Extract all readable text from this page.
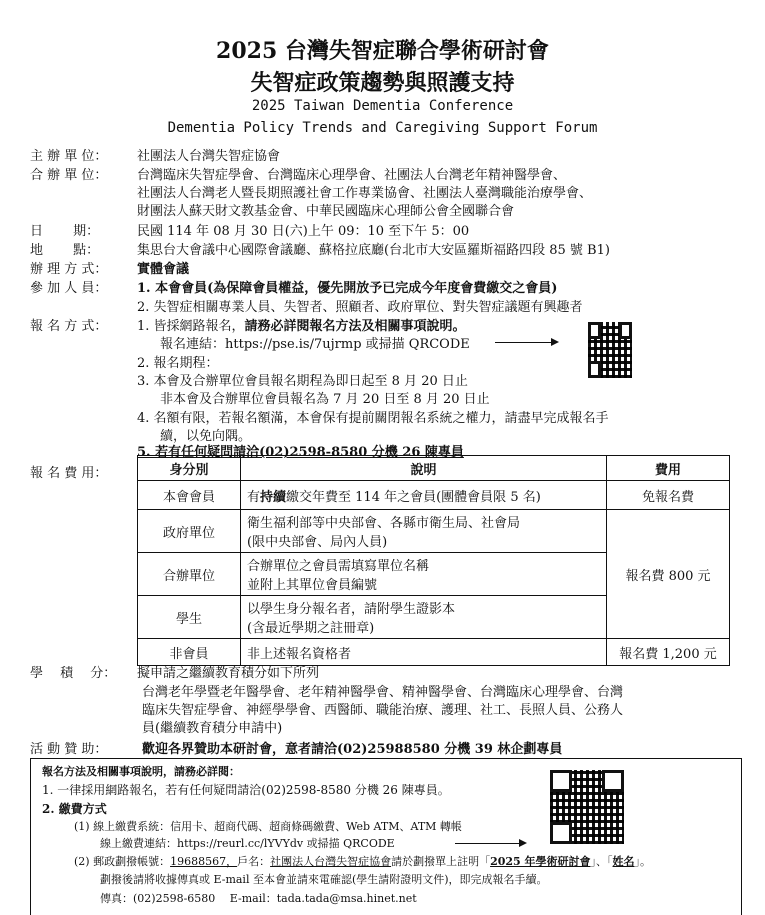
2025 台灣失智症聯合學術研討會
失智症政策趨勢與照護支持
2025 Taiwan Dementia Conference
Dementia Policy Trends and Caregiving Support Forum
主 辦 單 位： 社團法人台灣失智症協會
合 辦 單 位： 台灣臨床失智症學會、台灣臨床心理學會、社團法人台灣老年精神醫學會、
社團法人台灣老人暨長期照護社會工作專業協會、社團法人臺灣職能治療學會、
財團法人蘇天財文教基金會、中華民國臨床心理師公會全國聯合會
日　　 期：	民國 114 年 08 月 30 日(六)上午 09：10 至下午 5：00
地　　 點：	集思台大會議中心國際會議廳、蘇格拉底廳(台北市大安區羅斯福路四段 85 號 B1)
辦 理 方 式： 實體會議
參 加 人 員： 1. 本會會員(為保障會員權益，優先開放予已完成今年度會費繳交之會員)
2. 失智症相關專業人員、失智者、照顧者、政府單位、對失智症議題有興趣者
報 名 方 式： 1. 皆採網路報名，請務必詳閱報名方法及相關事項說明。
報名連結：https://pse.is/7ujrmp 或掃描 QRCODE
2. 報名期程：
3. 本會及合辦單位會員報名期程為即日起至 8 月 20 日止
非本會及合辦單位會員報名為 7 月 20 日至 8 月 20 日止
4. 名額有限，若報名額滿，本會保有提前關閉報名系統之權力，請盡早完成報名手
續，以免向隅。
5. 若有任何疑問請洽(02)2598-8580 分機 26 陳專員
報 名 費 用：	身分別	說明	費用
本會會員	有持續繳交年費至 114 年之會員(團體會員限 5 名)	免報名費
政府單位	衛生福利部等中央部會、各縣市衛生局、社會局
(限中央部會、局內人員)	報名費 800 元
合辦單位	合辦單位之會員需填寫單位名稱
並附上其單位會員編號	

學生	以學生身分報名者，請附學生證影本
(含最近學期之註冊章)	

非會員	非上述報名資格者	報名費 1,200 元
學　 積　 分： 擬申請之繼續教育積分如下所列
台灣老年學暨老年醫學會、老年精神醫學會、精神醫學會、台灣臨床心理學會、台灣
臨床失智症學會、神經學學會、西醫師、職能治療、護理、社工、長照人員、公務人
員(繼續教育積分申請中)
活 動 贊 助：	歡迎各界贊助本研討會，意者請洽(02)25988580 分機 39 林企劃專員
報名方法及相關事項說明，請務必詳閱：
1. 一律採用網路報名，若有任何疑問請洽(02)2598-8580 分機 26 陳專員。
2. 繳費方式
(1) 線上繳費系統：信用卡、超商代碼、超商條碼繳費、Web ATM、ATM 轉帳
線上繳費連結：https://reurl.cc/lYVYdv 或掃描 QRCODE
(2) 郵政劃撥帳號：19688567，戶名：社團法人台灣失智症協會請於劃撥單上註明「2025 年學術研討會」、「姓名」。
劃撥後請將收據傳真或 E-mail 至本會並請來電確認(學生請附證明文件)，即完成報名手續。
傳真：(02)2598-6580　 E-mail：tada.tada@msa.hinet.net
